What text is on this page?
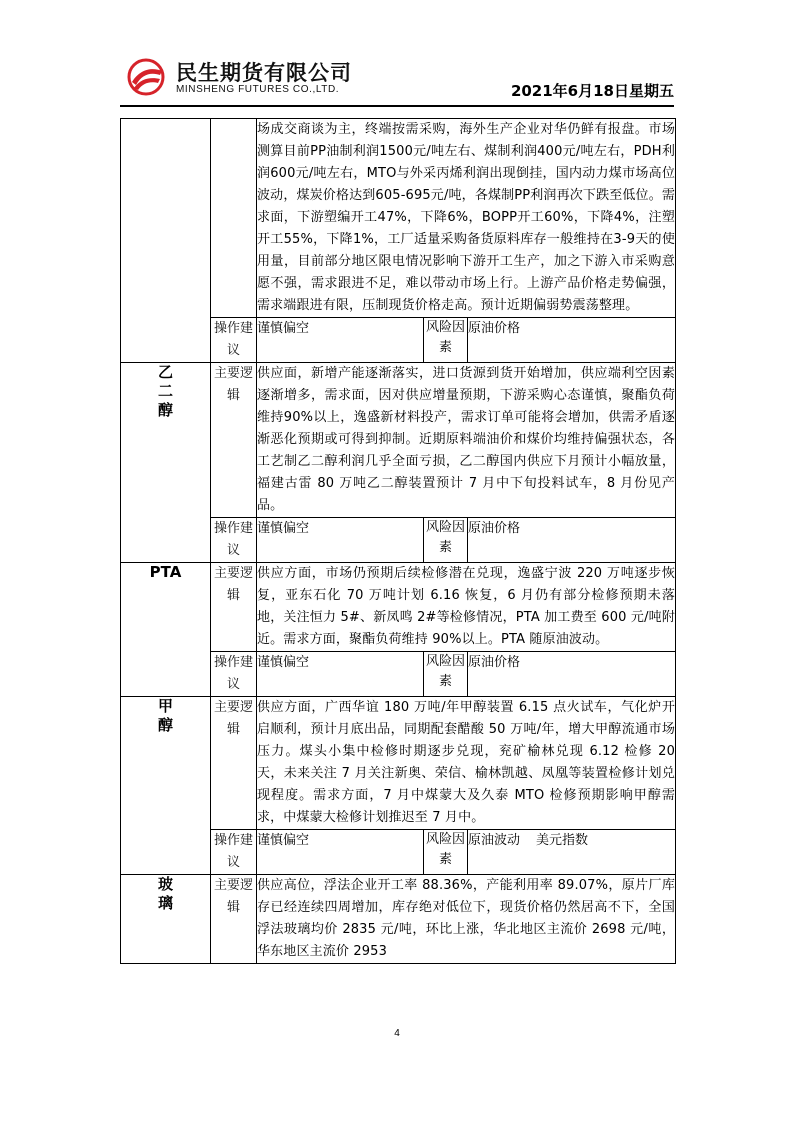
民生期货有限公司
MINSHENG FUTURES CO.,LTD.	2021年6月18日星期五
		场成交商谈为主，终端按需采购，海外生产企业对华仍鲜有报盘。市场测算目前PP油制利润1500元/吨左右、煤制利润400元/吨左右，PDH利润600元/吨左右，MTO与外采丙烯利润出现倒挂，国内动力煤市场高位波动，煤炭价格达到605-695元/吨，各煤制PP利润再次下跌至低位。需求面，下游塑编开工47%，下降6%，BOPP开工60%，下降4%，注塑开工55%，下降1%，工厂适量采购备货原料库存一般维持在3-9天的使用量，目前部分地区限电情况影响下游开工生产，加之下游入市采购意愿不强，需求跟进不足，难以带动市场上行。上游产品价格走势偏强，需求端跟进有限，压制现货价格走高。预计近期偏弱势震荡整理。		
	操作建议	谨慎偏空	风险因素	原油价格
乙二醇	主要逻辑	供应面，新增产能逐渐落实，进口货源到货开始增加，供应端利空因素逐渐增多，需求面，因对供应增量预期，下游采购心态谨慎，聚酯负荷维持90%以上，逸盛新材料投产，需求订单可能将会增加，供需矛盾逐渐恶化预期或可得到抑制。近期原料端油价和煤价均维持偏强状态，各工艺制乙二醇利润几乎全面亏损，乙二醇国内供应下月预计小幅放量，福建古雷 80 万吨乙二醇装置预计 7 月中下旬投料试车，8 月份见产品。		
	操作建议	谨慎偏空	风险因素	原油价格
PTA	主要逻辑	供应方面，市场仍预期后续检修潜在兑现，逸盛宁波 220 万吨逐步恢复，亚东石化 70 万吨计划 6.16 恢复，6 月仍有部分检修预期未落地，关注恒力 5#、新凤鸣 2#等检修情况，PTA 加工费至 600 元/吨附近。需求方面，聚酯负荷维持 90%以上。PTA 随原油波动。		
	操作建议	谨慎偏空	风险因素	原油价格
甲醇	主要逻辑	供应方面，广西华谊 180 万吨/年甲醇装置 6.15 点火试车，气化炉开启顺利，预计月底出品，同期配套醋酸 50 万吨/年，增大甲醇流通市场压力。煤头小集中检修时期逐步兑现，兖矿榆林兑现 6.12 检修 20 天，未来关注 7 月关注新奥、荣信、榆林凯越、凤凰等装置检修计划兑现程度。需求方面，7 月中煤蒙大及久泰 MTO 检修预期影响甲醇需求，中煤蒙大检修计划推迟至 7 月中。		
	操作建议	谨慎偏空	风险因素	原油波动 美元指数
玻璃	主要逻辑	供应高位，浮法企业开工率 88.36%，产能利用率 89.07%，原片厂库存已经连续四周增加，库存绝对低位下，现货价格仍然居高不下，全国浮法玻璃均价 2835 元/吨，环比上涨，华北地区主流价 2698 元/吨，华东地区主流价 2953		
4
